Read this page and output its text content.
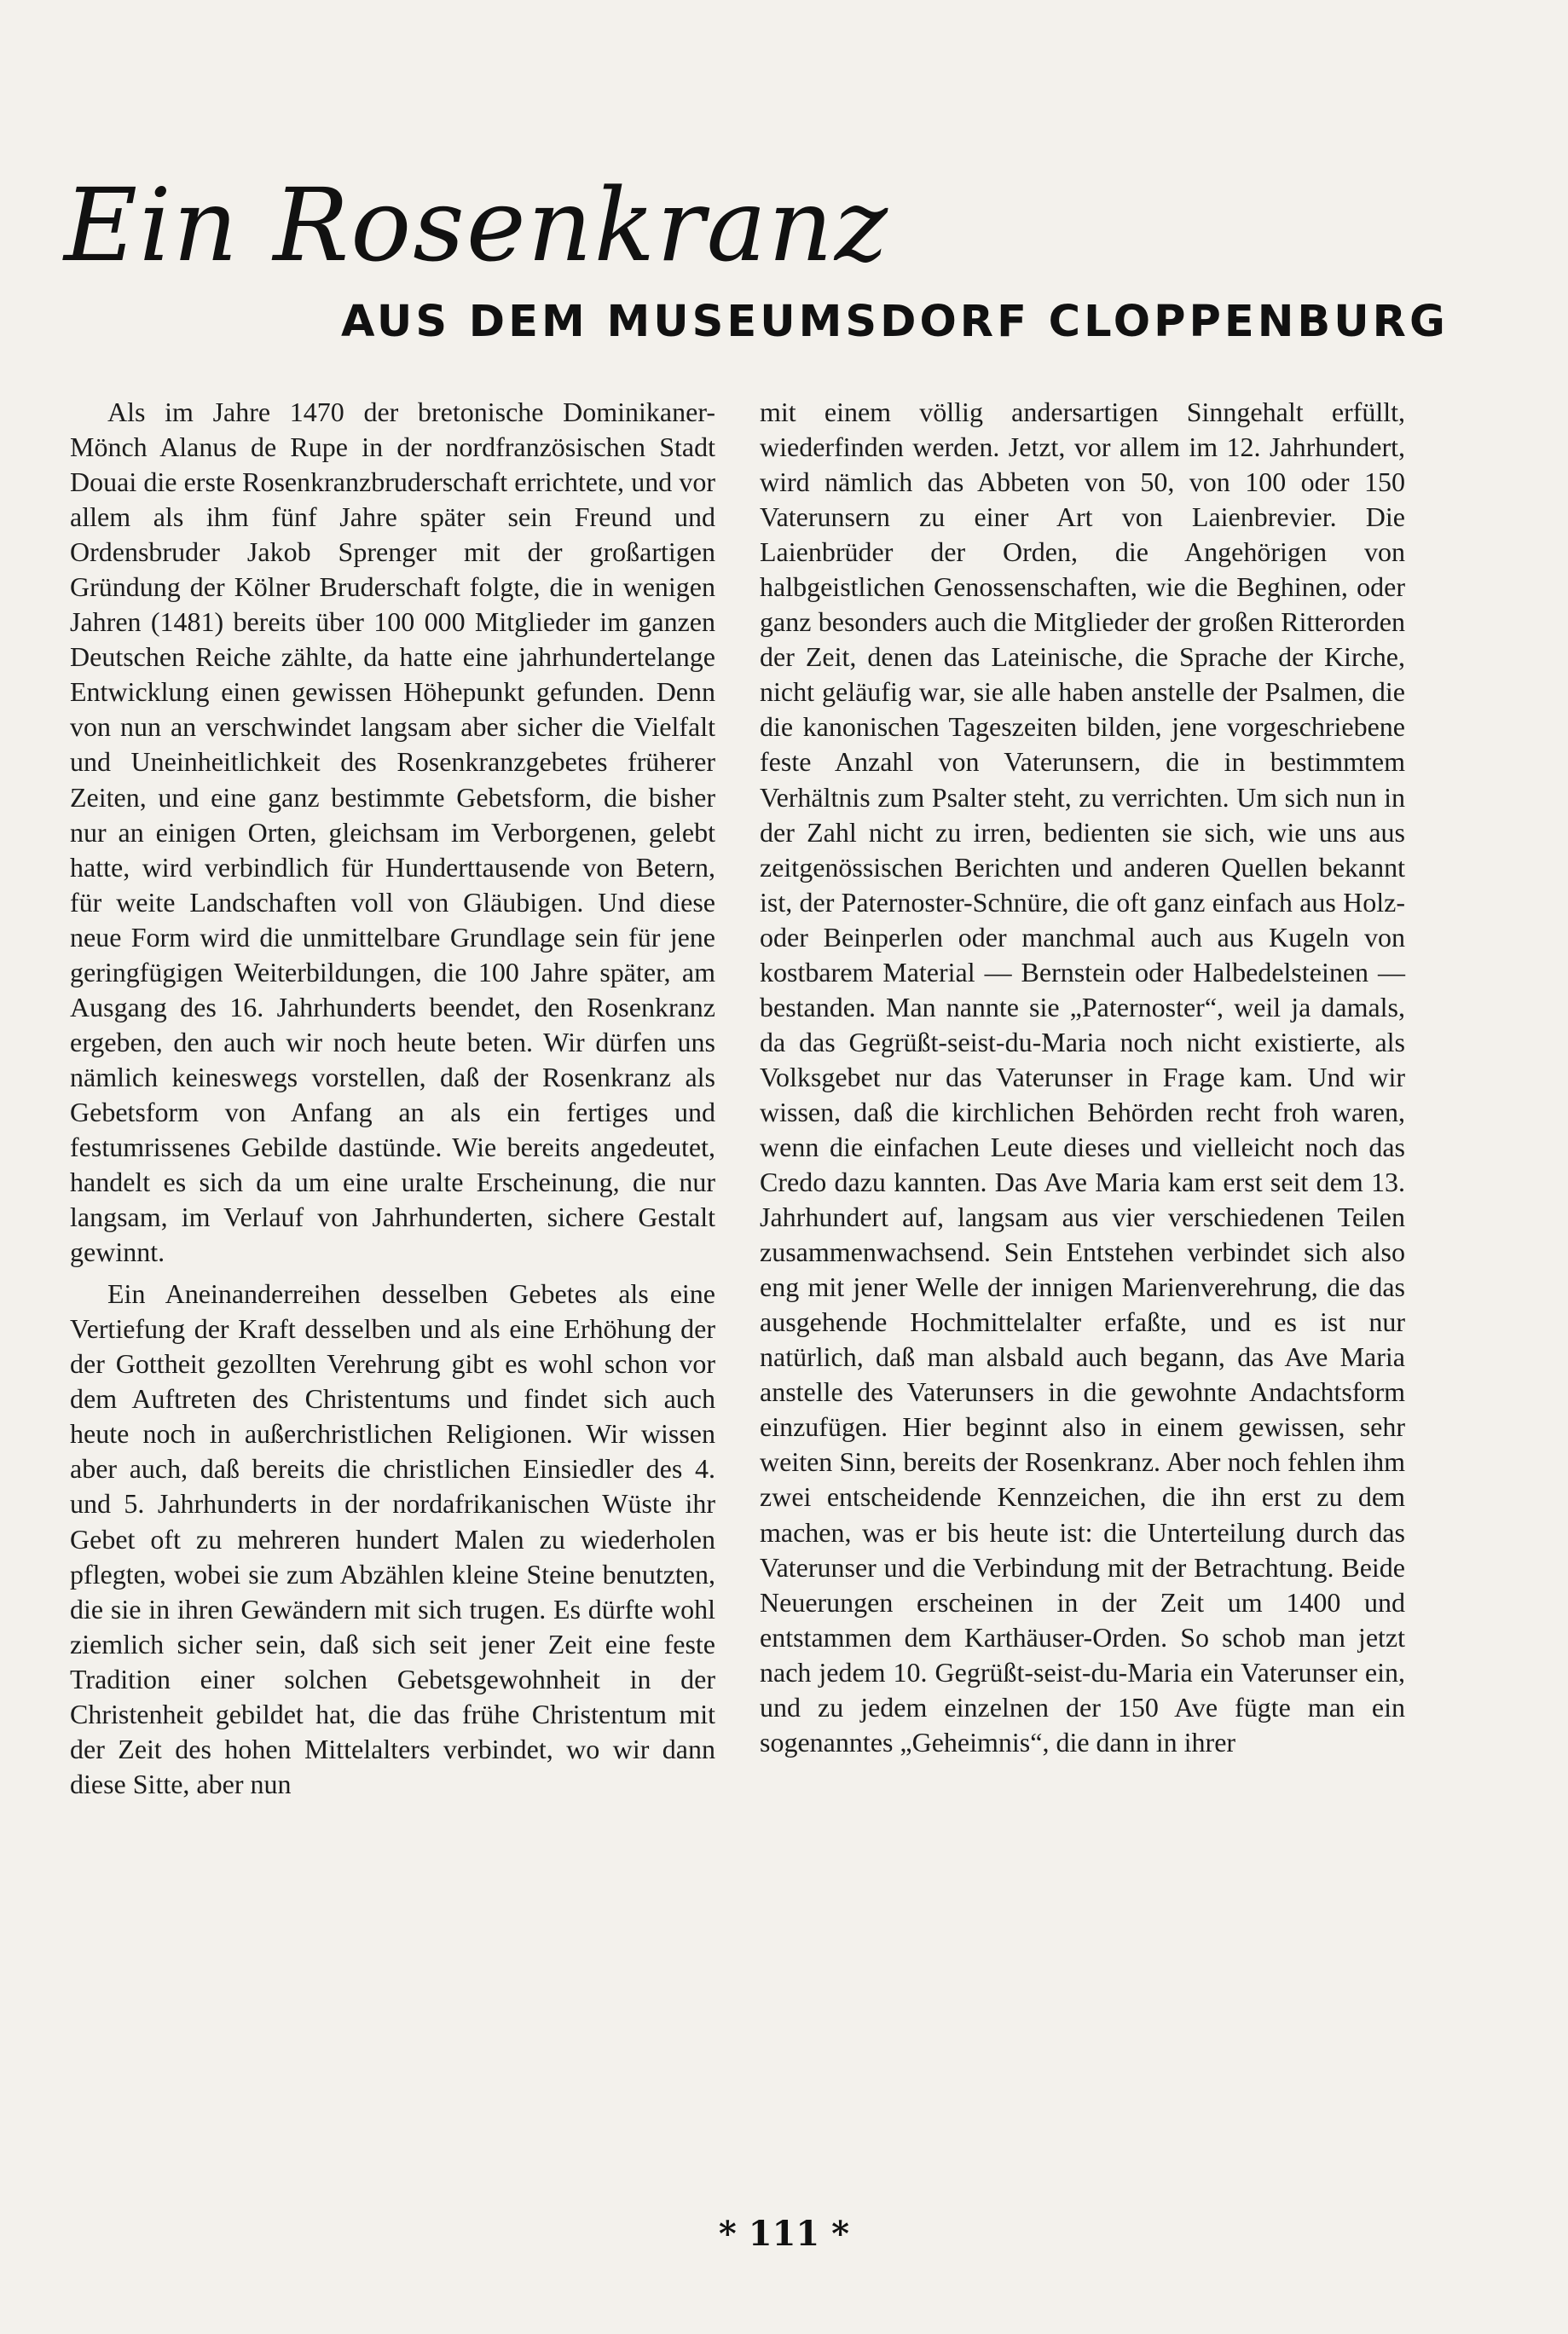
Ein Rosenkranz
AUS DEM MUSEUMSDORF CLOPPENBURG

Als im Jahre 1470 der bretonische Dominikaner-Mönch Alanus de Rupe in der nordfranzösischen Stadt Douai die erste Rosenkranzbruderschaft errichtete, und vor allem als ihm fünf Jahre später sein Freund und Ordensbruder Jakob Sprenger mit der großartigen Gründung der Kölner Bruderschaft folgte, die in wenigen Jahren (1481) bereits über 100 000 Mitglieder im ganzen Deutschen Reiche zählte, da hatte eine jahrhundertelange Entwicklung einen gewissen Höhepunkt gefunden. Denn von nun an verschwindet langsam aber sicher die Vielfalt und Uneinheitlichkeit des Rosenkranzgebetes früherer Zeiten, und eine ganz bestimmte Gebetsform, die bisher nur an einigen Orten, gleichsam im Verborgenen, gelebt hatte, wird verbindlich für Hunderttausende von Betern, für weite Landschaften voll von Gläubigen. Und diese neue Form wird die unmittelbare Grundlage sein für jene geringfügigen Weiterbildungen, die 100 Jahre später, am Ausgang des 16. Jahrhunderts beendet, den Rosenkranz ergeben, den auch wir noch heute beten. Wir dürfen uns nämlich keineswegs vorstellen, daß der Rosenkranz als Gebetsform von Anfang an als ein fertiges und festumrissenes Gebilde dastünde. Wie bereits angedeutet, handelt es sich da um eine uralte Erscheinung, die nur langsam, im Verlauf von Jahrhunderten, sichere Gestalt gewinnt.

Ein Aneinanderreihen desselben Gebetes als eine Vertiefung der Kraft desselben und als eine Erhöhung der der Gottheit gezollten Verehrung gibt es wohl schon vor dem Auftreten des Christentums und findet sich auch heute noch in außerchristlichen Religionen. Wir wissen aber auch, daß bereits die christlichen Einsiedler des 4. und 5. Jahrhunderts in der nordafrikanischen Wüste ihr Gebet oft zu mehreren hundert Malen zu wiederholen pflegten, wobei sie zum Abzählen kleine Steine benutzten, die sie in ihren Gewändern mit sich trugen. Es dürfte wohl ziemlich sicher sein, daß sich seit jener Zeit eine feste Tradition einer solchen Gebetsgewohnheit in der Christenheit gebildet hat, die das frühe Christentum mit der Zeit des hohen Mittelalters verbindet, wo wir dann diese Sitte, aber nun

mit einem völlig andersartigen Sinngehalt erfüllt, wiederfinden werden. Jetzt, vor allem im 12. Jahrhundert, wird nämlich das Abbeten von 50, von 100 oder 150 Vaterunsern zu einer Art von Laienbrevier. Die Laienbrüder der Orden, die Angehörigen von halbgeistlichen Genossenschaften, wie die Beghinen, oder ganz besonders auch die Mitglieder der großen Ritterorden der Zeit, denen das Lateinische, die Sprache der Kirche, nicht geläufig war, sie alle haben anstelle der Psalmen, die die kanonischen Tageszeiten bilden, jene vorgeschriebene feste Anzahl von Vaterunsern, die in bestimmtem Verhältnis zum Psalter steht, zu verrichten. Um sich nun in der Zahl nicht zu irren, bedienten sie sich, wie uns aus zeitgenössischen Berichten und anderen Quellen bekannt ist, der Paternoster-Schnüre, die oft ganz einfach aus Holz- oder Beinperlen oder manchmal auch aus Kugeln von kostbarem Material — Bernstein oder Halbedelsteinen — bestanden. Man nannte sie „Paternoster“, weil ja damals, da das Gegrüßt-seist-du-Maria noch nicht existierte, als Volksgebet nur das Vaterunser in Frage kam. Und wir wissen, daß die kirchlichen Behörden recht froh waren, wenn die einfachen Leute dieses und vielleicht noch das Credo dazu kannten. Das Ave Maria kam erst seit dem 13. Jahrhundert auf, langsam aus vier verschiedenen Teilen zusammenwachsend. Sein Entstehen verbindet sich also eng mit jener Welle der innigen Marienverehrung, die das ausgehende Hochmittelalter erfaßte, und es ist nur natürlich, daß man alsbald auch begann, das Ave Maria anstelle des Vaterunsers in die gewohnte Andachtsform einzufügen. Hier beginnt also in einem gewissen, sehr weiten Sinn, bereits der Rosenkranz. Aber noch fehlen ihm zwei entscheidende Kennzeichen, die ihn erst zu dem machen, was er bis heute ist: die Unterteilung durch das Vaterunser und die Verbindung mit der Betrachtung. Beide Neuerungen erscheinen in der Zeit um 1400 und entstammen dem Karthäuser-Orden. So schob man jetzt nach jedem 10. Gegrüßt-seist-du-Maria ein Vaterunser ein, und zu jedem einzelnen der 150 Ave fügte man ein sogenanntes „Geheimnis“, die dann in ihrer

* 111 *
